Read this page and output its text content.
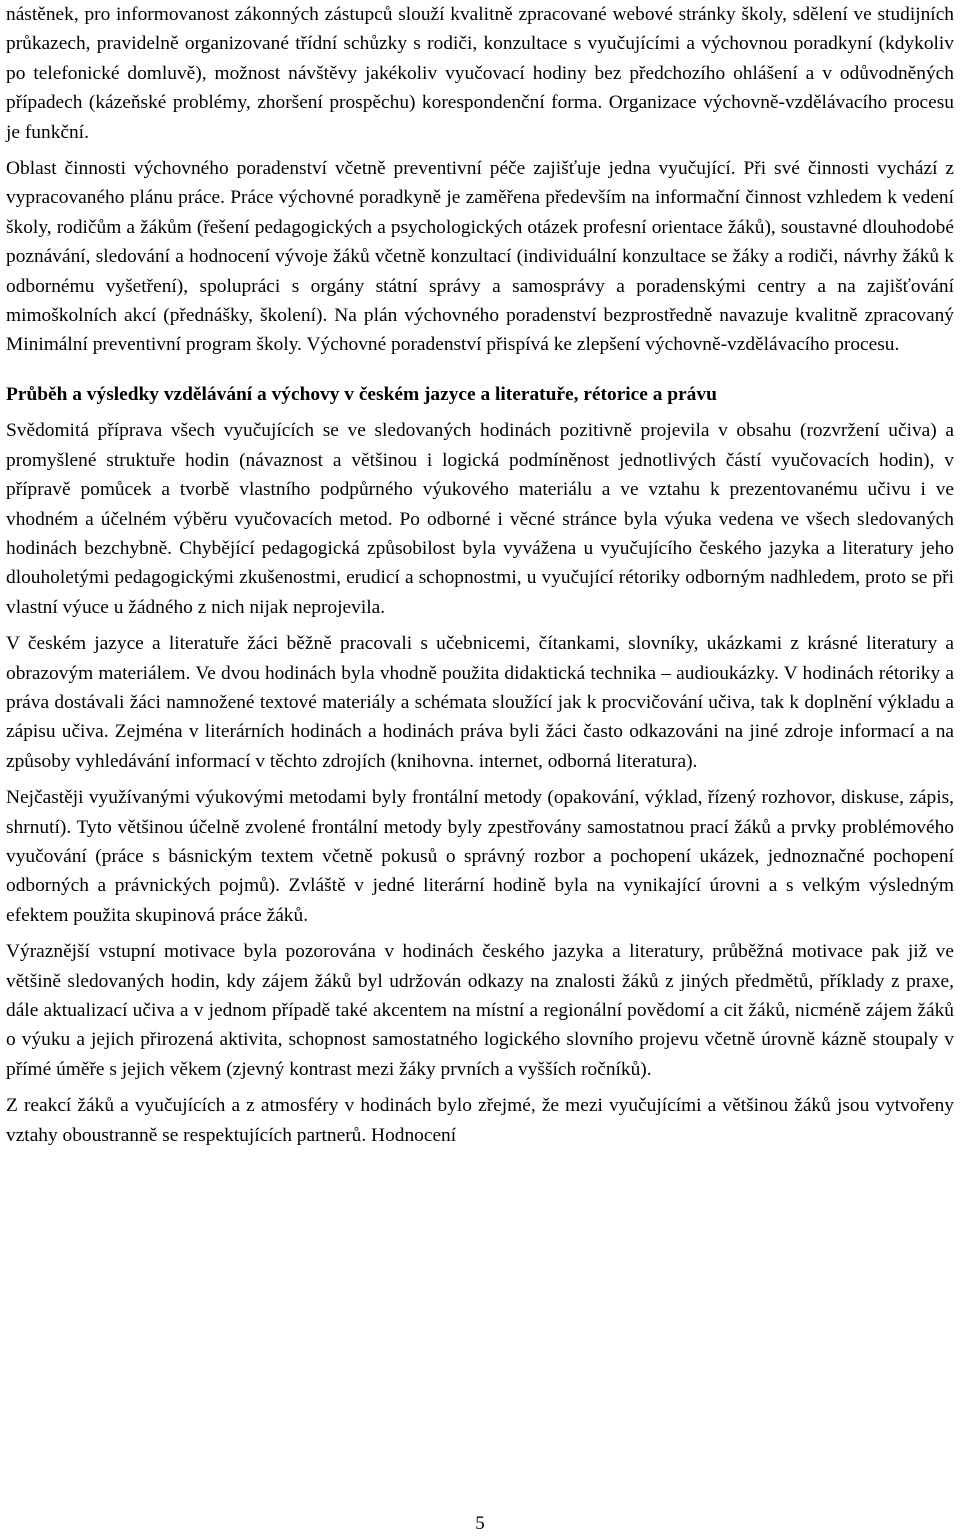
nástěnek, pro informovanost zákonných zástupců slouží kvalitně zpracované webové stránky školy, sdělení ve studijních průkazech, pravidelně organizované třídní schůzky s rodiči, konzultace s vyučujícími a výchovnou poradkyní (kdykoliv po telefonické domluvě), možnost návštěvy jakékoliv vyučovací hodiny bez předchozího ohlášení a v odůvodněných případech (kázeňské problémy, zhoršení prospěchu) korespondenční forma. Organizace výchovně-vzdělávacího procesu je funkční.

Oblast činnosti výchovného poradenství včetně preventivní péče zajišťuje jedna vyučující. Při své činnosti vychází z vypracovaného plánu práce. Práce výchovné poradkyně je zaměřena především na informační činnost vzhledem k vedení školy, rodičům a žákům (řešení pedagogických a psychologických otázek profesní orientace žáků), soustavné dlouhodobé poznávání, sledování a hodnocení vývoje žáků včetně konzultací (individuální konzultace se žáky a rodiči, návrhy žáků k odbornému vyšetření), spolupráci s orgány státní správy a samosprávy a poradenskými centry a na zajišťování mimoškolních akcí (přednášky, školení). Na plán výchovného poradenství bezprostředně navazuje kvalitně zpracovaný Minimální preventivní program školy. Výchovné poradenství přispívá ke zlepšení výchovně-vzdělávacího procesu.

Průběh a výsledky vzdělávání a výchovy v českém jazyce a literatuře, rétorice a právu

Svědomitá příprava všech vyučujících se ve sledovaných hodinách pozitivně projevila v obsahu (rozvržení učiva) a promyšlené struktuře hodin (návaznost a většinou i logická podmíněnost jednotlivých částí vyučovacích hodin), v přípravě pomůcek a tvorbě vlastního podpůrného výukového materiálu a ve vztahu k prezentovanému učivu i ve vhodném a účelném výběru vyučovacích metod. Po odborné i věcné stránce byla výuka vedena ve všech sledovaných hodinách bezchybně. Chybějící pedagogická způsobilost byla vyvážena u vyučujícího českého jazyka a literatury jeho dlouholetými pedagogickými zkušenostmi, erudicí a schopnostmi, u vyučující rétoriky odborným nadhledem, proto se při vlastní výuce u žádného z nich nijak neprojevila.

V českém jazyce a literatuře žáci běžně pracovali s učebnicemi, čítankami, slovníky, ukázkami z krásné literatury a obrazovým materiálem. Ve dvou hodinách byla vhodně použita didaktická technika – audioukázky. V hodinách rétoriky a práva dostávali žáci namnožené textové materiály a schémata sloužící jak k procvičování učiva, tak k doplnění výkladu a zápisu učiva. Zejména v literárních hodinách a hodinách práva byli žáci často odkazováni na jiné zdroje informací a na způsoby vyhledávání informací v těchto zdrojích (knihovna. internet, odborná literatura).

Nejčastěji využívanými výukovými metodami byly frontální metody (opakování, výklad, řízený rozhovor, diskuse, zápis, shrnutí). Tyto většinou účelně zvolené frontální metody byly zpestřovány samostatnou prací žáků a prvky problémového vyučování (práce s básnickým textem včetně pokusů o správný rozbor a pochopení ukázek, jednoznačné pochopení odborných a právnických pojmů). Zvláště v jedné literární hodině byla na vynikající úrovni a s velkým výsledným efektem použita skupinová práce žáků.

Výraznější vstupní motivace byla pozorována v hodinách českého jazyka a literatury, průběžná motivace pak již ve většině sledovaných hodin, kdy zájem žáků byl udržován odkazy na znalosti žáků z jiných předmětů, příklady z praxe, dále aktualizací učiva a v jednom případě také akcentem na místní a regionální povědomí a cit žáků, nicméně zájem žáků o výuku a jejich přirozená aktivita, schopnost samostatného logického slovního projevu včetně úrovně kázně stoupaly v přímé úměře s jejich věkem (zjevný kontrast mezi žáky prvních a vyšších ročníků).

Z reakcí žáků a vyučujících a z atmosféry v hodinách bylo zřejmé, že mezi vyučujícími a většinou žáků jsou vytvořeny vztahy oboustranně se respektujících partnerů. Hodnocení

5
